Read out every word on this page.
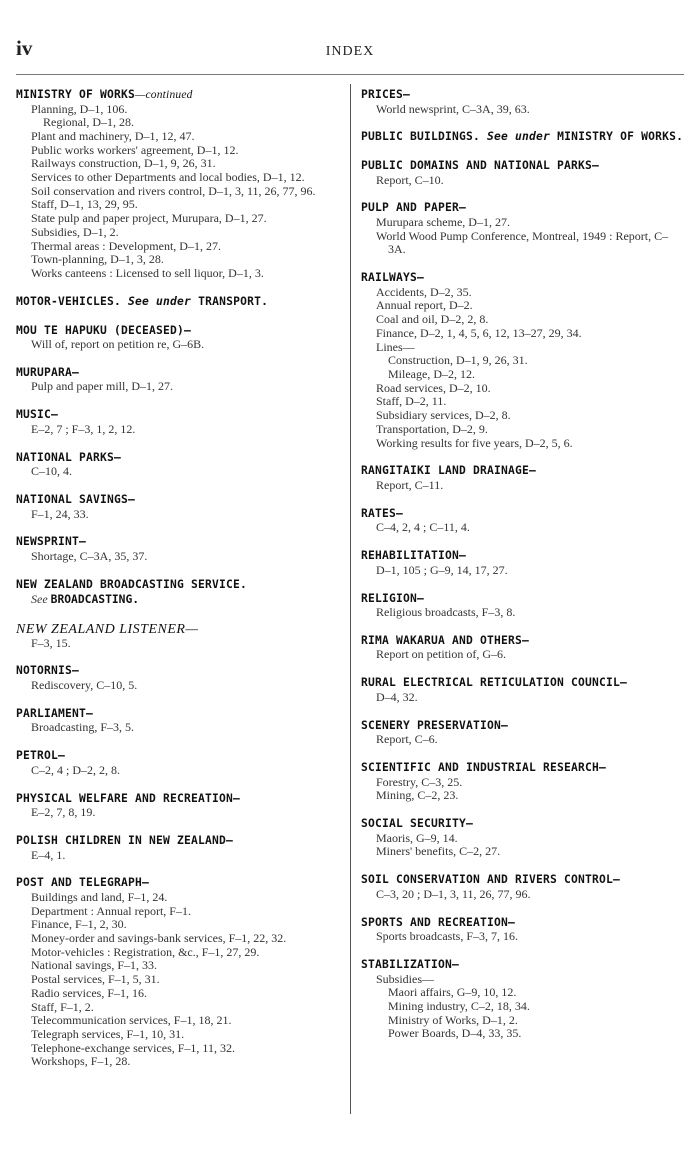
iv	INDEX
MINISTRY OF WORKS—continued
Planning, D–1, 106.
Regional, D–1, 28.
Plant and machinery, D–1, 12, 47.
Public works workers' agreement, D–1, 12.
Railways construction, D–1, 9, 26, 31.
Services to other Departments and local bodies, D–1, 12.
Soil conservation and rivers control, D–1, 3, 11, 26, 77, 96.
Staff, D–1, 13, 29, 95.
State pulp and paper project, Murupara, D–1, 27.
Subsidies, D–1, 2.
Thermal areas : Development, D–1, 27.
Town-planning, D–1, 3, 28.
Works canteens : Licensed to sell liquor, D–1, 3.
MOTOR-VEHICLES. See under TRANSPORT.
MOU TE HAPUKU (DECEASED)—
Will of, report on petition re, G–6B.
MURUPARA—
Pulp and paper mill, D–1, 27.
MUSIC—
E–2, 7 ; F–3, 1, 2, 12.
NATIONAL PARKS—
C–10, 4.
NATIONAL SAVINGS—
F–1, 24, 33.
NEWSPRINT—
Shortage, C–3A, 35, 37.
NEW ZEALAND BROADCASTING SERVICE.
See BROADCASTING.
NEW ZEALAND LISTENER—
F–3, 15.
NOTORNIS—
Rediscovery, C–10, 5.
PARLIAMENT—
Broadcasting, F–3, 5.
PETROL—
C–2, 4 ; D–2, 2, 8.
PHYSICAL WELFARE AND RECREATION—
E–2, 7, 8, 19.
POLISH CHILDREN IN NEW ZEALAND—
E–4, 1.
POST AND TELEGRAPH—
Buildings and land, F–1, 24.
Department : Annual report, F–1.
Finance, F–1, 2, 30.
Money-order and savings-bank services, F–1, 22, 32.
Motor-vehicles : Registration, &c., F–1, 27, 29.
National savings, F–1, 33.
Postal services, F–1, 5, 31.
Radio services, F–1, 16.
Staff, F–1, 2.
Telecommunication services, F–1, 18, 21.
Telegraph services, F–1, 10, 31.
Telephone-exchange services, F–1, 11, 32.
Workshops, F–1, 28.
PRICES—
World newsprint, C–3A, 39, 63.
PUBLIC BUILDINGS. See under MINISTRY OF WORKS.
PUBLIC DOMAINS AND NATIONAL PARKS—
Report, C–10.
PULP AND PAPER—
Murupara scheme, D–1, 27.
World Wood Pump Conference, Montreal, 1949 : Report, C–3A.
RAILWAYS—
Accidents, D–2, 35.
Annual report, D–2.
Coal and oil, D–2, 2, 8.
Finance, D–2, 1, 4, 5, 6, 12, 13–27, 29, 34.
Lines—
Construction, D–1, 9, 26, 31.
Mileage, D–2, 12.
Road services, D–2, 10.
Staff, D–2, 11.
Subsidiary services, D–2, 8.
Transportation, D–2, 9.
Working results for five years, D–2, 5, 6.
RANGITAIKI LAND DRAINAGE—
Report, C–11.
RATES—
C–4, 2, 4 ; C–11, 4.
REHABILITATION—
D–1, 105 ; G–9, 14, 17, 27.
RELIGION—
Religious broadcasts, F–3, 8.
RIMA WAKARUA AND OTHERS—
Report on petition of, G–6.
RURAL ELECTRICAL RETICULATION COUNCIL—
D–4, 32.
SCENERY PRESERVATION—
Report, C–6.
SCIENTIFIC AND INDUSTRIAL RESEARCH—
Forestry, C–3, 25.
Mining, C–2, 23.
SOCIAL SECURITY—
Maoris, G–9, 14.
Miners' benefits, C–2, 27.
SOIL CONSERVATION AND RIVERS CONTROL—
C–3, 20 ; D–1, 3, 11, 26, 77, 96.
SPORTS AND RECREATION—
Sports broadcasts, F–3, 7, 16.
STABILIZATION—
Subsidies—
Maori affairs, G–9, 10, 12.
Mining industry, C–2, 18, 34.
Ministry of Works, D–1, 2.
Power Boards, D–4, 33, 35.
